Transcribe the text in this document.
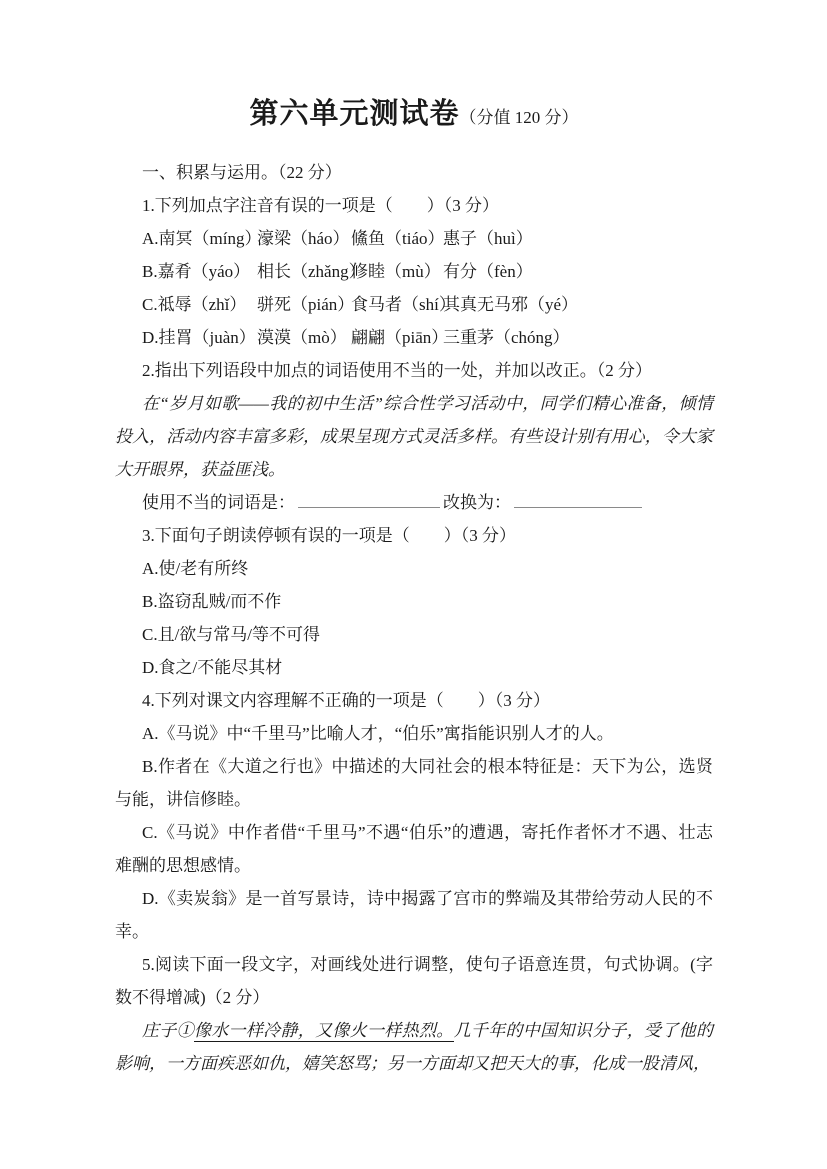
第六单元测试卷（分值 120 分）

一、积累与运用。（22 分）

1.下列加点字注音有误的一项是（　　）（3 分）

A.南冥（míng）
濠梁（háo） 鯈鱼（tiáo）
惠子（huì）
B.嘉肴（yáo） 相长（zhǎng）
修睦（mù） 有分（fèn）
C.祗辱（zhǐ） 骈死（pián）
食马者（shí）
其真无马邪（yé）
D.挂罥（juàn） 漠漠（mò） 翩翩（piān）
三重茅（chóng）

2.指出下列语段中加点的词语使用不当的一处，并加以改正。（2 分）

在“岁月如歌——我的初中生活”综合性学习活动中，同学们精心准备，倾情投入，活动内容丰富多彩，成果呈现方式灵活多样。有些设计别有用心，令大家大开眼界，获益匪浅。

使用不当的词语是：	改换为：

3.下面句子朗读停顿有误的一项是（　　）（3 分）

A.使/老有所终

B.盗窃乱贼/而不作

C.且/欲与常马/等不可得

D.食之/不能尽其材

4.下列对课文内容理解不正确的一项是（　　）（3 分）

A.《马说》中“千里马”比喻人才，“伯乐”寓指能识别人才的人。

B.作者在《大道之行也》中描述的大同社会的根本特征是：天下为公，选贤与能，讲信修睦。

C.《马说》中作者借“千里马”不遇“伯乐”的遭遇，寄托作者怀才不遇、壮志难酬的思想感情。

D.《卖炭翁》是一首写景诗，诗中揭露了宫市的弊端及其带给劳动人民的不幸。

5.阅读下面一段文字，对画线处进行调整，使句子语意连贯，句式协调。(字数不得增减)（2 分）

庄子①像水一样冷静，又像火一样热烈。几千年的中国知识分子，受了他的影响，一方面疾恶如仇，嬉笑怒骂；另一方面却又把天大的事，化成一股清风，
